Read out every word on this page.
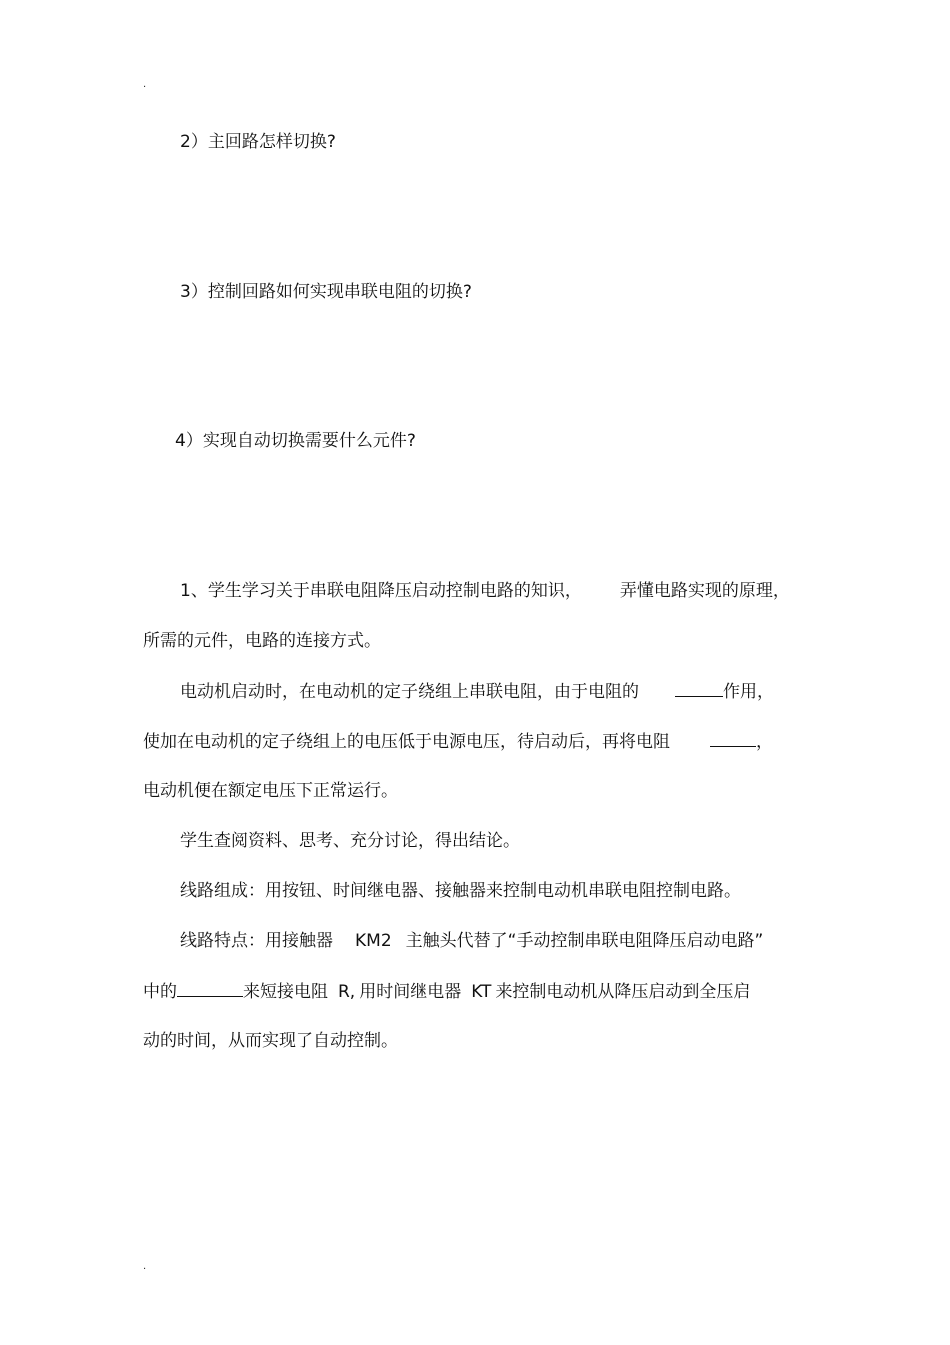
.
2）主回路怎样切换?
3）控制回路如何实现串联电阻的切换?
4）实现自动切换需要什么元件?
1、学生学习关于串联电阻降压启动控制电路的知识， 弄懂电路实现的原理，
所需的元件，电路的连接方式。
电动机启动时，在电动机的定子绕组上串联电阻，由于电阻的	作用，
使加在电动机的定子绕组上的电压低于电源电压，待启动后，再将电阻	，
电动机便在额定电压下正常运行。
学生查阅资料、思考、充分讨论，得出结论。
线路组成：用按钮、时间继电器、接触器来控制电动机串联电阻控制电路。
线路特点：用接触器 KM2 主触头代替了“手动控制串联电阻降压启动电路”
中的	来短接电阻 R, 用时间继电器 KT 来控制电动机从降压启动到全压启
动的时间，从而实现了自动控制。
.
